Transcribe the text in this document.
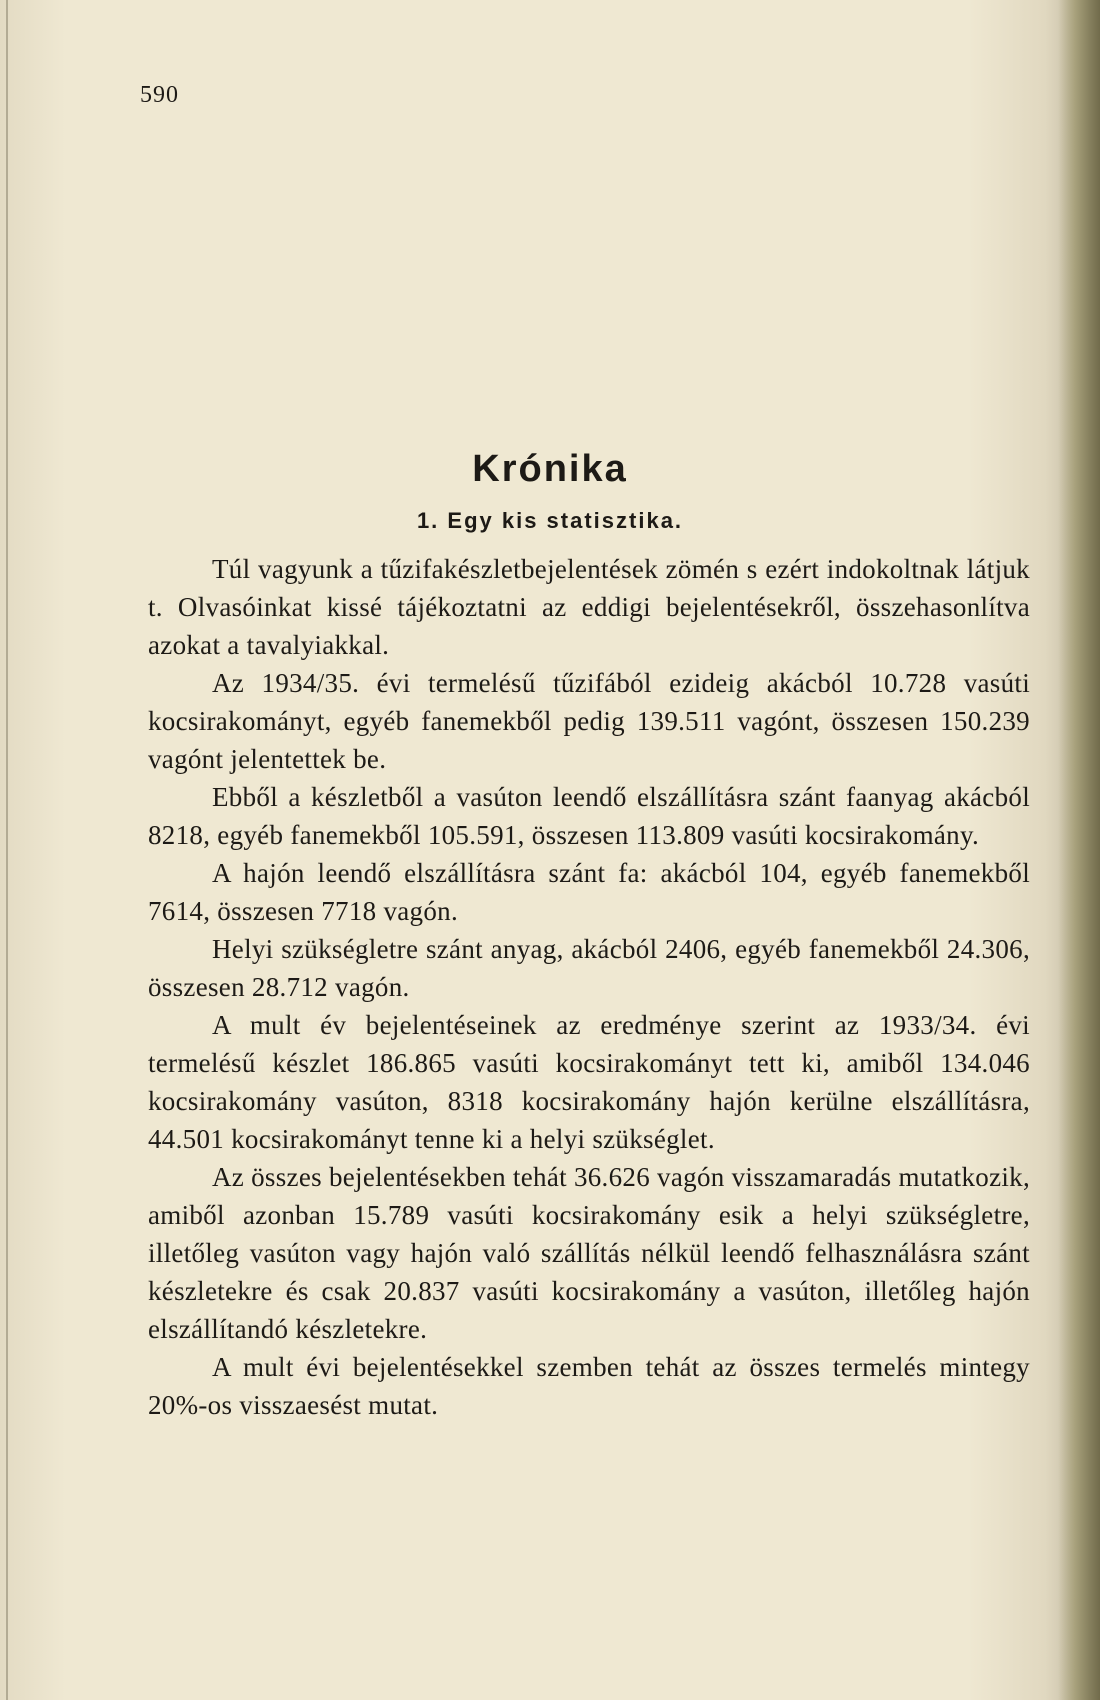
590

Krónika
1. Egy kis statisztika.

Túl vagyunk a tűzifakészletbejelentések zömén s ezért indokoltnak látjuk t. Olvasóinkat kissé tájékoztatni az eddigi bejelentésekről, összehasonlítva azokat a tavalyiakkal.

Az 1934/35. évi termelésű tűzifából ezideig akácból 10.728 vasúti kocsirakományt, egyéb fanemekből pedig 139.511 vagónt, összesen 150.239 vagónt jelentettek be.

Ebből a készletből a vasúton leendő elszállításra szánt faanyag akácból 8218, egyéb fanemekből 105.591, összesen 113.809 vasúti kocsirakomány.

A hajón leendő elszállításra szánt fa: akácból 104, egyéb fanemekből 7614, összesen 7718 vagón.

Helyi szükségletre szánt anyag, akácból 2406, egyéb fanemekből 24.306, összesen 28.712 vagón.

A mult év bejelentéseinek az eredménye szerint az 1933/34. évi termelésű készlet 186.865 vasúti kocsirakományt tett ki, amiből 134.046 kocsirakomány vasúton, 8318 kocsirakomány hajón kerülne elszállításra, 44.501 kocsirakományt tenne ki a helyi szükséglet.

Az összes bejelentésekben tehát 36.626 vagón visszamaradás mutatkozik, amiből azonban 15.789 vasúti kocsirakomány esik a helyi szükségletre, illetőleg vasúton vagy hajón való szállítás nélkül leendő felhasználásra szánt készletekre és csak 20.837 vasúti kocsirakomány a vasúton, illetőleg hajón elszállítandó készletekre.

A mult évi bejelentésekkel szemben tehát az összes termelés mintegy 20%-os visszaesést mutat.
